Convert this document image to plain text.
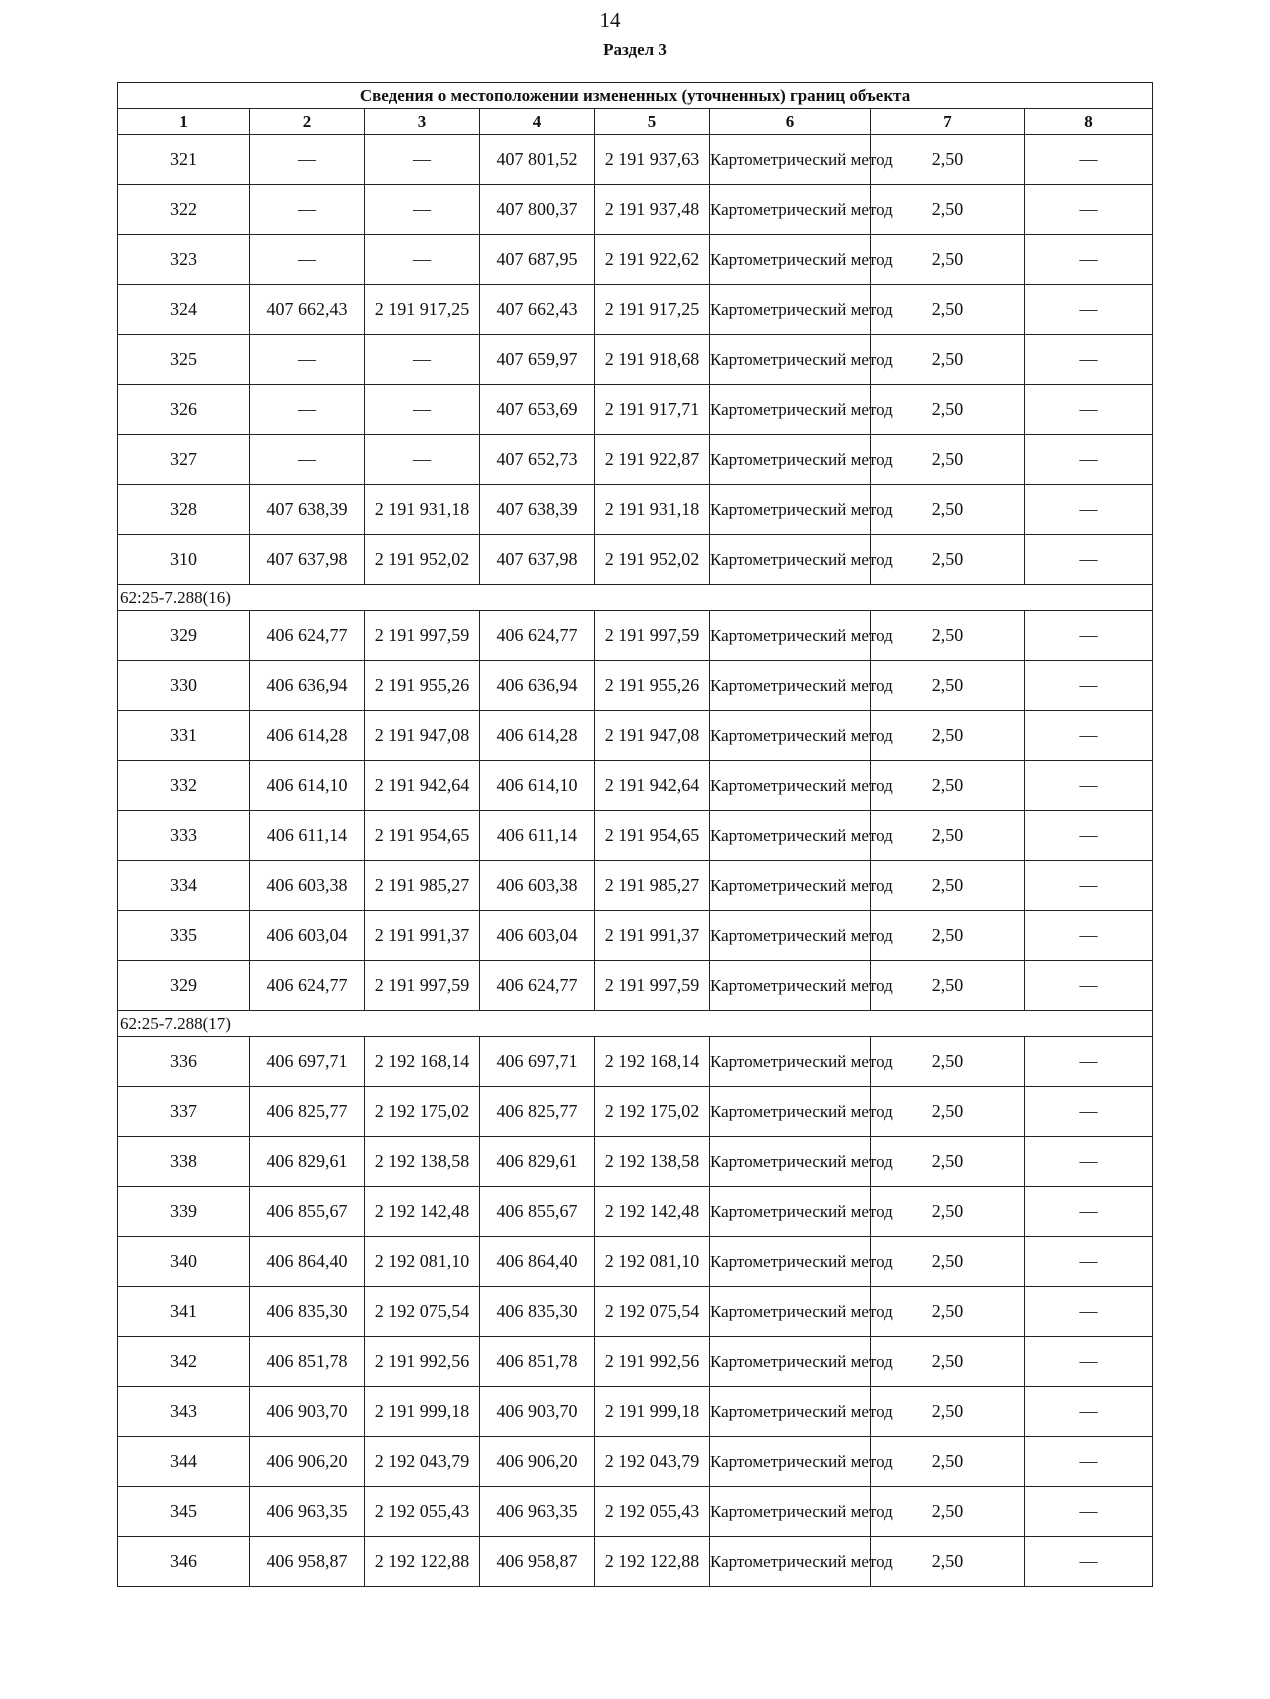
14
Раздел 3
Сведения о местоположении измененных (уточненных) границ объекта							
1	2	3	4	5	6	7	8
321	—	—	407 801,52	2 191 937,63	Картометрический метод	2,50	—
322	—	—	407 800,37	2 191 937,48	Картометрический метод	2,50	—
323	—	—	407 687,95	2 191 922,62	Картометрический метод	2,50	—
324	407 662,43	2 191 917,25	407 662,43	2 191 917,25	Картометрический метод	2,50	—
325	—	—	407 659,97	2 191 918,68	Картометрический метод	2,50	—
326	—	—	407 653,69	2 191 917,71	Картометрический метод	2,50	—
327	—	—	407 652,73	2 191 922,87	Картометрический метод	2,50	—
328	407 638,39	2 191 931,18	407 638,39	2 191 931,18	Картометрический метод	2,50	—
310	407 637,98	2 191 952,02	407 637,98	2 191 952,02	Картометрический метод	2,50	—
62:25-7.288(16)							
329	406 624,77	2 191 997,59	406 624,77	2 191 997,59	Картометрический метод	2,50	—
330	406 636,94	2 191 955,26	406 636,94	2 191 955,26	Картометрический метод	2,50	—
331	406 614,28	2 191 947,08	406 614,28	2 191 947,08	Картометрический метод	2,50	—
332	406 614,10	2 191 942,64	406 614,10	2 191 942,64	Картометрический метод	2,50	—
333	406 611,14	2 191 954,65	406 611,14	2 191 954,65	Картометрический метод	2,50	—
334	406 603,38	2 191 985,27	406 603,38	2 191 985,27	Картометрический метод	2,50	—
335	406 603,04	2 191 991,37	406 603,04	2 191 991,37	Картометрический метод	2,50	—
329	406 624,77	2 191 997,59	406 624,77	2 191 997,59	Картометрический метод	2,50	—
62:25-7.288(17)							
336	406 697,71	2 192 168,14	406 697,71	2 192 168,14	Картометрический метод	2,50	—
337	406 825,77	2 192 175,02	406 825,77	2 192 175,02	Картометрический метод	2,50	—
338	406 829,61	2 192 138,58	406 829,61	2 192 138,58	Картометрический метод	2,50	—
339	406 855,67	2 192 142,48	406 855,67	2 192 142,48	Картометрический метод	2,50	—
340	406 864,40	2 192 081,10	406 864,40	2 192 081,10	Картометрический метод	2,50	—
341	406 835,30	2 192 075,54	406 835,30	2 192 075,54	Картометрический метод	2,50	—
342	406 851,78	2 191 992,56	406 851,78	2 191 992,56	Картометрический метод	2,50	—
343	406 903,70	2 191 999,18	406 903,70	2 191 999,18	Картометрический метод	2,50	—
344	406 906,20	2 192 043,79	406 906,20	2 192 043,79	Картометрический метод	2,50	—
345	406 963,35	2 192 055,43	406 963,35	2 192 055,43	Картометрический метод	2,50	—
346	406 958,87	2 192 122,88	406 958,87	2 192 122,88	Картометрический метод	2,50	—
